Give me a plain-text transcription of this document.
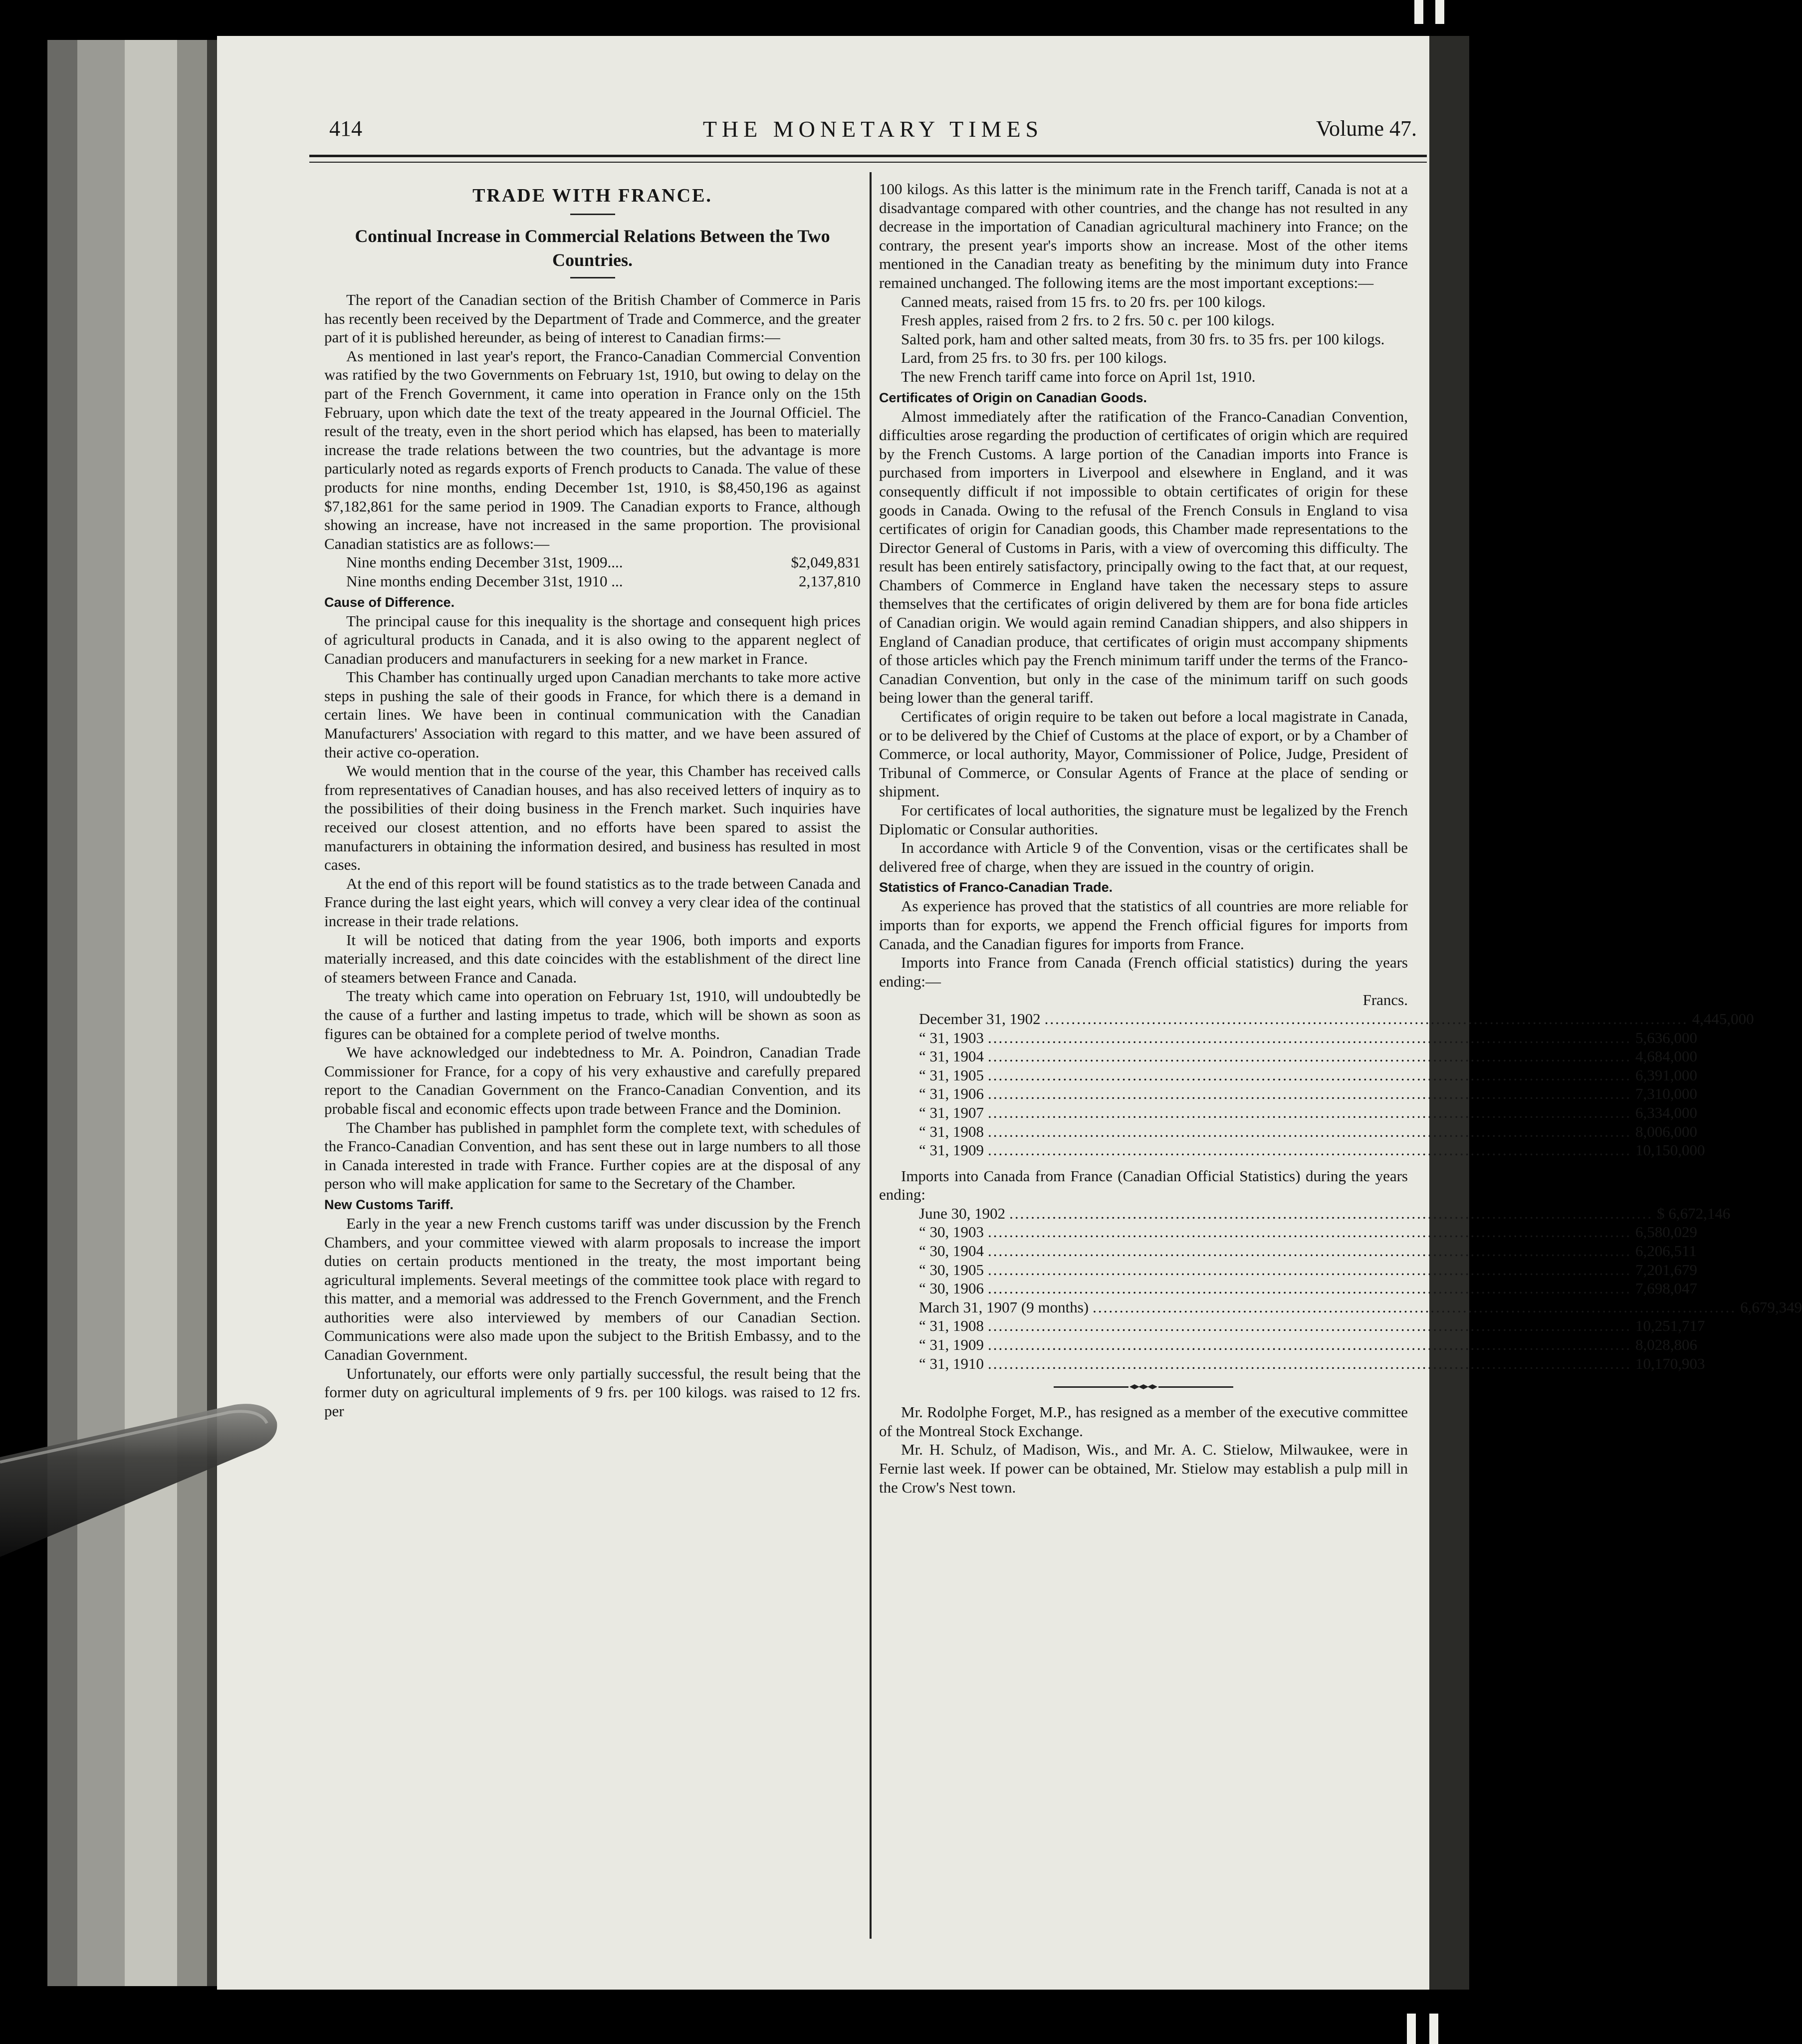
414	THE MONETARY TIMES	Volume 47.
TRADE WITH FRANCE.
Continual Increase in Commercial Relations Between the Two Countries.

The report of the Canadian section of the British Chamber of Commerce in Paris has recently been received by the Department of Trade and Commerce, and the greater part of it is published hereunder, as being of interest to Canadian firms:—

As mentioned in last year's report, the Franco-Canadian Commercial Convention was ratified by the two Governments on February 1st, 1910, but owing to delay on the part of the French Government, it came into operation in France only on the 15th February, upon which date the text of the treaty appeared in the Journal Officiel. The result of the treaty, even in the short period which has elapsed, has been to materially increase the trade relations between the two countries, but the advantage is more particularly noted as regards exports of French products to Canada. The value of these products for nine months, ending December 1st, 1910, is $8,450,196 as against $7,182,861 for the same period in 1909. The Canadian exports to France, although showing an increase, have not increased in the same proportion. The provisional Canadian statistics are as follows:—

Nine months ending December 31st, 1909....	$2,049,831
Nine months ending December 31st, 1910 ...	2,137,810
Cause of Difference.

The principal cause for this inequality is the shortage and consequent high prices of agricultural products in Canada, and it is also owing to the apparent neglect of Canadian producers and manufacturers in seeking for a new market in France.

This Chamber has continually urged upon Canadian merchants to take more active steps in pushing the sale of their goods in France, for which there is a demand in certain lines. We have been in continual communication with the Canadian Manufacturers' Association with regard to this matter, and we have been assured of their active co-operation.

We would mention that in the course of the year, this Chamber has received calls from representatives of Canadian houses, and has also received letters of inquiry as to the possibilities of their doing business in the French market. Such inquiries have received our closest attention, and no efforts have been spared to assist the manufacturers in obtaining the information desired, and business has resulted in most cases.

At the end of this report will be found statistics as to the trade between Canada and France during the last eight years, which will convey a very clear idea of the continual increase in their trade relations.

It will be noticed that dating from the year 1906, both imports and exports materially increased, and this date coincides with the establishment of the direct line of steamers between France and Canada.

The treaty which came into operation on February 1st, 1910, will undoubtedly be the cause of a further and lasting impetus to trade, which will be shown as soon as figures can be obtained for a complete period of twelve months.

We have acknowledged our indebtedness to Mr. A. Poindron, Canadian Trade Commissioner for France, for a copy of his very exhaustive and carefully prepared report to the Canadian Government on the Franco-Canadian Convention, and its probable fiscal and economic effects upon trade between France and the Dominion.

The Chamber has published in pamphlet form the complete text, with schedules of the Franco-Canadian Convention, and has sent these out in large numbers to all those in Canada interested in trade with France. Further copies are at the disposal of any person who will make application for same to the Secretary of the Chamber.

New Customs Tariff.

Early in the year a new French customs tariff was under discussion by the French Chambers, and your committee viewed with alarm proposals to increase the import duties on certain products mentioned in the treaty, the most important being agricultural implements. Several meetings of the committee took place with regard to this matter, and a memorial was addressed to the French Government, and the French authorities were also interviewed by members of our Canadian Section. Communications were also made upon the subject to the British Embassy, and to the Canadian Government.

Unfortunately, our efforts were only partially successful, the result being that the former duty on agricultural implements of 9 frs. per 100 kilogs. was raised to 12 frs. per

100 kilogs. As this latter is the minimum rate in the French tariff, Canada is not at a disadvantage compared with other countries, and the change has not resulted in any decrease in the importation of Canadian agricultural machinery into France; on the contrary, the present year's imports show an increase. Most of the other items mentioned in the Canadian treaty as benefiting by the minimum duty into France remained unchanged. The following items are the most important exceptions:—

Canned meats, raised from 15 frs. to 20 frs. per 100 kilogs.

Fresh apples, raised from 2 frs. to 2 frs. 50 c. per 100 kilogs.

Salted pork, ham and other salted meats, from 30 frs. to 35 frs. per 100 kilogs.

Lard, from 25 frs. to 30 frs. per 100 kilogs.

The new French tariff came into force on April 1st, 1910.

Certificates of Origin on Canadian Goods.

Almost immediately after the ratification of the Franco-Canadian Convention, difficulties arose regarding the production of certificates of origin which are required by the French Customs. A large portion of the Canadian imports into France is purchased from importers in Liverpool and elsewhere in England, and it was consequently difficult if not impossible to obtain certificates of origin for these goods in Canada. Owing to the refusal of the French Consuls in England to visa certificates of origin for Canadian goods, this Chamber made representations to the Director General of Customs in Paris, with a view of overcoming this difficulty. The result has been entirely satisfactory, principally owing to the fact that, at our request, Chambers of Commerce in England have taken the necessary steps to assure themselves that the certificates of origin delivered by them are for bona fide articles of Canadian origin. We would again remind Canadian shippers, and also shippers in England of Canadian produce, that certificates of origin must accompany shipments of those articles which pay the French minimum tariff under the terms of the Franco-Canadian Convention, but only in the case of the minimum tariff on such goods being lower than the general tariff.

Certificates of origin require to be taken out before a local magistrate in Canada, or to be delivered by the Chief of Customs at the place of export, or by a Chamber of Commerce, or local authority, Mayor, Commissioner of Police, Judge, President of Tribunal of Commerce, or Consular Agents of France at the place of sending or shipment.

For certificates of local authorities, the signature must be legalized by the French Diplomatic or Consular authorities.

In accordance with Article 9 of the Convention, visas or the certificates shall be delivered free of charge, when they are issued in the country of origin.

Statistics of Franco-Canadian Trade.

As experience has proved that the statistics of all countries are more reliable for imports than for exports, we append the French official figures for imports from Canada, and the Canadian figures for imports from France.

Imports into France from Canada (French official statistics) during the years ending:—

Francs.
December 31, 1902 ........................................................................................................................ 4,445,000
“ 31, 1903 ........................................................................................................................ 5,636,000
“ 31, 1904 ........................................................................................................................ 4,684,000
“ 31, 1905 ........................................................................................................................ 6,391,000
“ 31, 1906 ........................................................................................................................ 7,310,000
“ 31, 1907 ........................................................................................................................ 6,334,000
“ 31, 1908 ........................................................................................................................ 8,006,000
“ 31, 1909 ........................................................................................................................ 10,150,000

Imports into Canada from France (Canadian Official Statistics) during the years ending:

June 30, 1902 ........................................................................................................................ $ 6,672,146
“ 30, 1903 ........................................................................................................................ 6,580,029
“ 30, 1904 ........................................................................................................................ 6,206,511
“ 30, 1905 ........................................................................................................................ 7,201,679
“ 30, 1906 ........................................................................................................................ 7,698,047
March 31, 1907 (9 months) ........................................................................................................................ 6,679,349
“ 31, 1908 ........................................................................................................................ 10,251,717
“ 31, 1909 ........................................................................................................................ 8,028,806
“ 31, 1910 ........................................................................................................................ 10,170,903

Mr. Rodolphe Forget, M.P., has resigned as a member of the executive committee of the Montreal Stock Exchange.

Mr. H. Schulz, of Madison, Wis., and Mr. A. C. Stielow, Milwaukee, were in Fernie last week. If power can be obtained, Mr. Stielow may establish a pulp mill in the Crow's Nest town.
